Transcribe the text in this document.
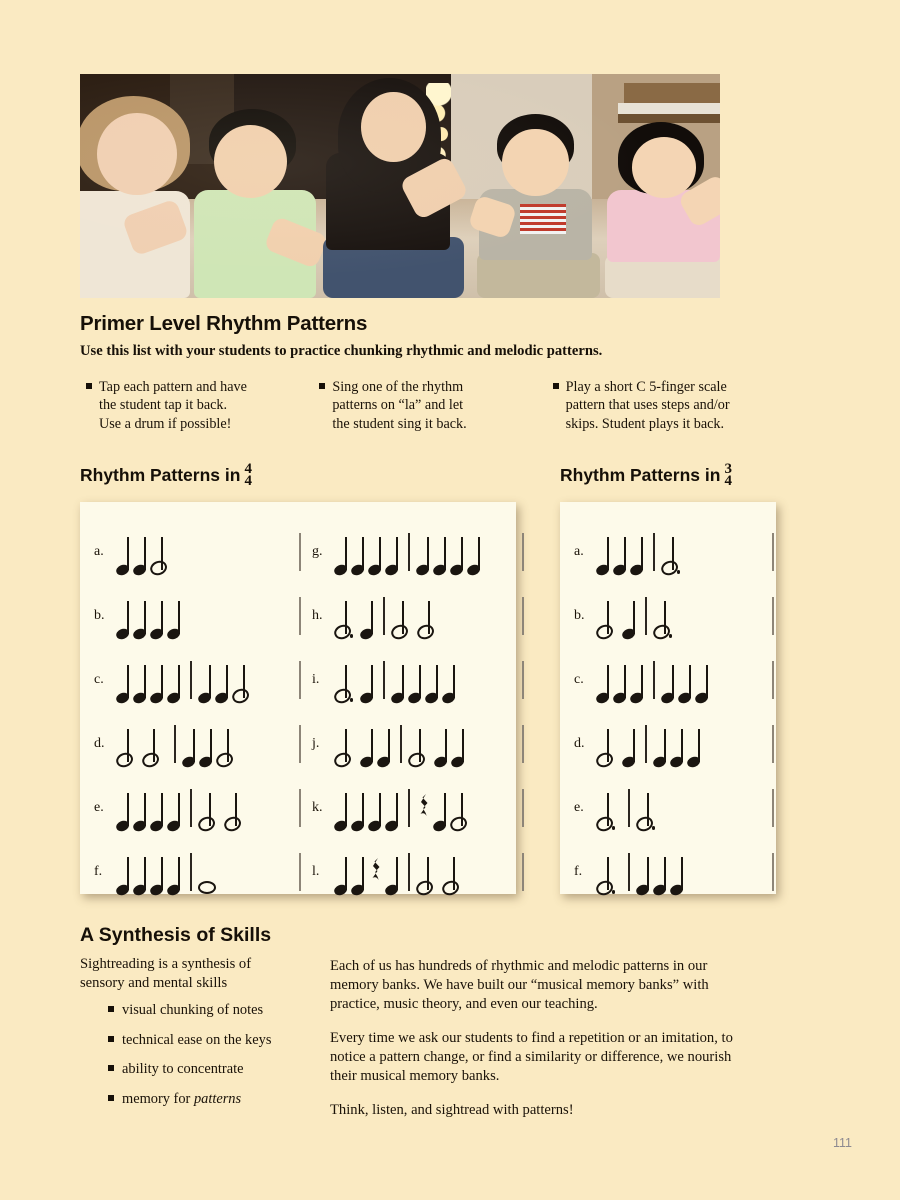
Primer Level Rhythm Patterns
Use this list with your students to practice chunking rhythmic and melodic patterns.
Tap each pattern and have
the student tap it back.
Use a drum if possible!
Sing one of the rhythm
patterns on “la” and let
the student sing it back.
Play a short C 5-finger scale
pattern that uses steps and/or
skips. Student plays it back.
Rhythm Patterns in 4
4	Rhythm Patterns in 3
4
a.
b.
c.
d.
e.
f.
g.
h.
i.
j.
k.
l.
a.
b.
c.
d.
e.
f.
A Synthesis of Skills
Sightreading is a synthesis of
sensory and mental skills
visual chunking of notes
technical ease on the keys
ability to concentrate
memory for patterns

Each of us has hundreds of rhythmic and melodic patterns in our memory banks. We have built our “musical memory banks” with practice, music theory, and even our teaching.

Every time we ask our students to find a repetition or an imitation, to notice a pattern change, or find a similarity or difference, we nourish their musical memory banks.

Think, listen, and sightread with patterns!

111
